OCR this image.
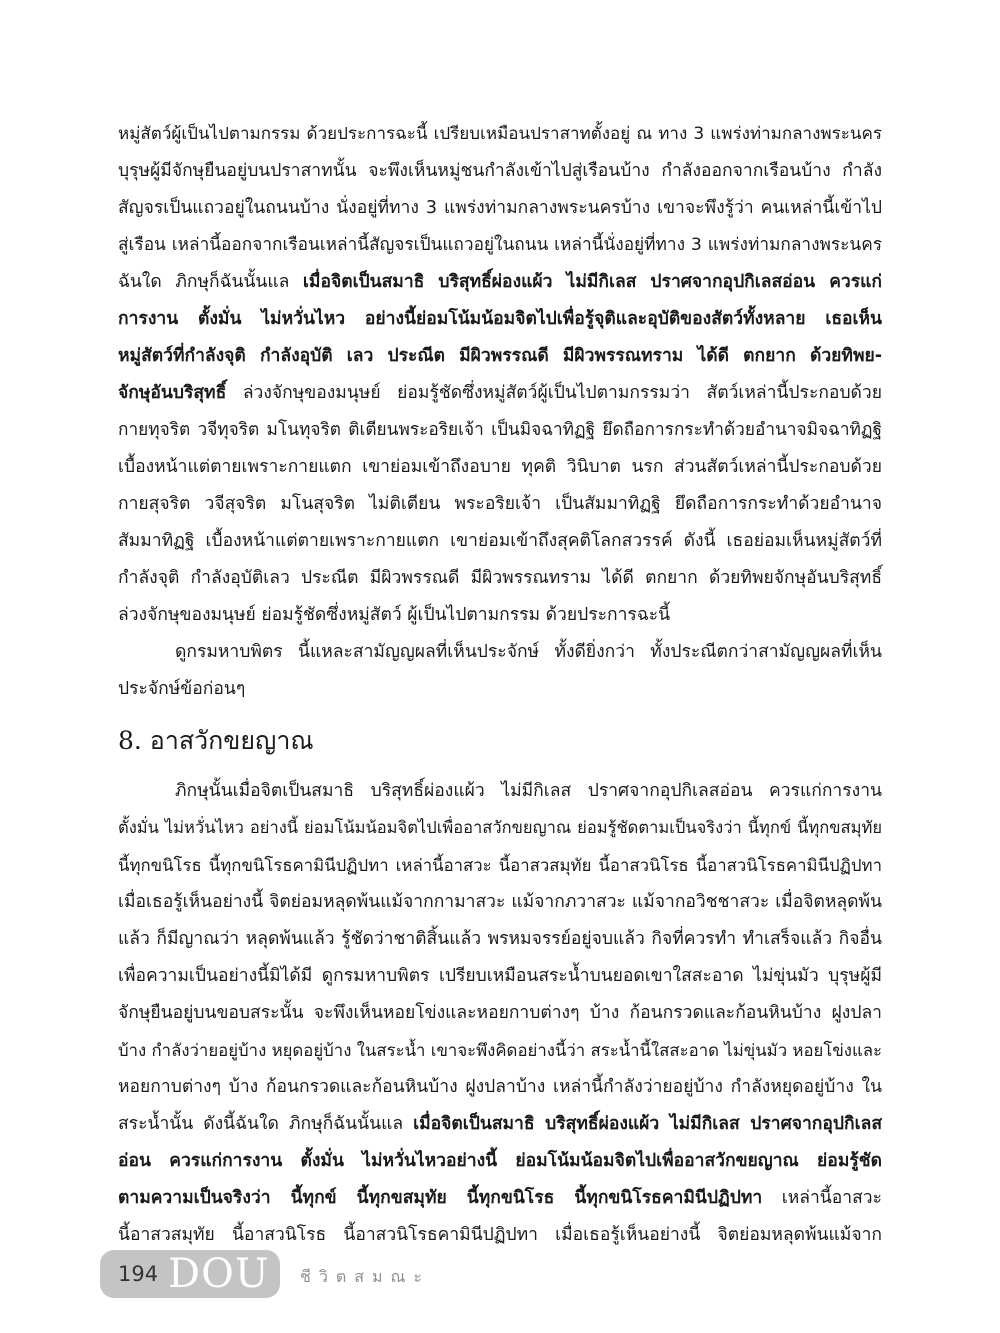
หมู่สัตว์ผู้เป็นไปตามกรรม ด้วยประการฉะนี้ เปรียบเหมือนปราสาทตั้งอยู่ ณ ทาง 3 แพร่งท่ามกลางพระนคร
บุรุษผู้มีจักษุยืนอยู่บนปราสาทนั้น จะพึงเห็นหมู่ชนกำลังเข้าไปสู่เรือนบ้าง กำลังออกจากเรือนบ้าง กำลัง
สัญจรเป็นแถวอยู่ในถนนบ้าง นั่งอยู่ที่ทาง 3 แพร่งท่ามกลางพระนครบ้าง เขาจะพึงรู้ว่า คนเหล่านี้เข้าไป
สู่เรือน เหล่านี้ออกจากเรือนเหล่านี้สัญจรเป็นแถวอยู่ในถนน เหล่านี้นั่งอยู่ที่ทาง 3 แพร่งท่ามกลางพระนคร
ฉันใด ภิกษุก็ฉันนั้นแล เมื่อจิตเป็นสมาธิ บริสุทธิ์ผ่องแผ้ว ไม่มีกิเลส ปราศจากอุปกิเลสอ่อน ควรแก่
การงาน ตั้งมั่น ไม่หวั่นไหว อย่างนี้ย่อมโน้มน้อมจิตไปเพื่อรู้จุติและอุบัติของสัตว์ทั้งหลาย เธอเห็น
หมู่สัตว์ที่กำลังจุติ กำลังอุบัติ เลว ประณีต มีผิวพรรณดี มีผิวพรรณทราม ได้ดี ตกยาก ด้วยทิพย-
จักษุอันบริสุทธิ์ ล่วงจักษุของมนุษย์ ย่อมรู้ชัดซึ่งหมู่สัตว์ผู้เป็นไปตามกรรมว่า สัตว์เหล่านี้ประกอบด้วย
กายทุจริต วจีทุจริต มโนทุจริต ติเตียนพระอริยเจ้า เป็นมิจฉาทิฏฐิ ยึดถือการกระทำด้วยอำนาจมิจฉาทิฏฐิ
เบื้องหน้าแต่ตายเพราะกายแตก เขาย่อมเข้าถึงอบาย ทุคติ วินิบาต นรก ส่วนสัตว์เหล่านี้ประกอบด้วย
กายสุจริต วจีสุจริต มโนสุจริต ไม่ติเตียน พระอริยเจ้า เป็นสัมมาทิฏฐิ ยึดถือการกระทำด้วยอำนาจ
สัมมาทิฏฐิ เบื้องหน้าแต่ตายเพราะกายแตก เขาย่อมเข้าถึงสุคติโลกสวรรค์ ดังนี้ เธอย่อมเห็นหมู่สัตว์ที่
กำลังจุติ กำลังอุบัติเลว ประณีต มีผิวพรรณดี มีผิวพรรณทราม ได้ดี ตกยาก ด้วยทิพยจักษุอันบริสุทธิ์
ล่วงจักษุของมนุษย์ ย่อมรู้ชัดซึ่งหมู่สัตว์ ผู้เป็นไปตามกรรม ด้วยประการฉะนี้
ดูกรมหาบพิตร นี้แหละสามัญญผลที่เห็นประจักษ์ ทั้งดียิ่งกว่า ทั้งประณีตกว่าสามัญญผลที่เห็น
ประจักษ์ข้อก่อนๆ
8. อาสวักขยญาณ
ภิกษุนั้นเมื่อจิตเป็นสมาธิ บริสุทธิ์ผ่องแผ้ว ไม่มีกิเลส ปราศจากอุปกิเลสอ่อน ควรแก่การงาน
ตั้งมั่น ไม่หวั่นไหว อย่างนี้ ย่อมโน้มน้อมจิตไปเพื่ออาสวักขยญาณ ย่อมรู้ชัดตามเป็นจริงว่า นี้ทุกข์ นี้ทุกขสมุทัย
นี้ทุกขนิโรธ นี้ทุกขนิโรธคามินีปฏิปทา เหล่านี้อาสวะ นี้อาสวสมุทัย นี้อาสวนิโรธ นี้อาสวนิโรธคามินีปฏิปทา
เมื่อเธอรู้เห็นอย่างนี้ จิตย่อมหลุดพ้นแม้จากกามาสวะ แม้จากภวาสวะ แม้จากอวิชชาสวะ เมื่อจิตหลุดพ้น
แล้ว ก็มีญาณว่า หลุดพ้นแล้ว รู้ชัดว่าชาติสิ้นแล้ว พรหมจรรย์อยู่จบแล้ว กิจที่ควรทำ ทำเสร็จแล้ว กิจอื่น
เพื่อความเป็นอย่างนี้มิได้มี ดูกรมหาบพิตร เปรียบเหมือนสระน้ำบนยอดเขาใสสะอาด ไม่ขุ่นมัว บุรุษผู้มี
จักษุยืนอยู่บนขอบสระนั้น จะพึงเห็นหอยโข่งและหอยกาบต่างๆ บ้าง ก้อนกรวดและก้อนหินบ้าง ฝูงปลา
บ้าง กำลังว่ายอยู่บ้าง หยุดอยู่บ้าง ในสระน้ำ เขาจะพึงคิดอย่างนี้ว่า สระน้ำนี้ใสสะอาด ไม่ขุ่นมัว หอยโข่งและ
หอยกาบต่างๆ บ้าง ก้อนกรวดและก้อนหินบ้าง ฝูงปลาบ้าง เหล่านี้กำลังว่ายอยู่บ้าง กำลังหยุดอยู่บ้าง ใน
สระน้ำนั้น ดังนี้ฉันใด ภิกษุก็ฉันนั้นแล เมื่อจิตเป็นสมาธิ บริสุทธิ์ผ่องแผ้ว ไม่มีกิเลส ปราศจากอุปกิเลส
อ่อน ควรแก่การงาน ตั้งมั่น ไม่หวั่นไหวอย่างนี้ ย่อมโน้มน้อมจิตไปเพื่ออาสวักขยญาณ ย่อมรู้ชัด
ตามความเป็นจริงว่า นี้ทุกข์ นี้ทุกขสมุทัย นี้ทุกขนิโรธ นี้ทุกขนิโรธคามินีปฏิปทา เหล่านี้อาสวะ
นี้อาสวสมุทัย นี้อาสวนิโรธ นี้อาสวนิโรธคามินีปฏิปทา เมื่อเธอรู้เห็นอย่างนี้ จิตย่อมหลุดพ้นแม้จาก
194 DOU ชีวิตสมณะ
